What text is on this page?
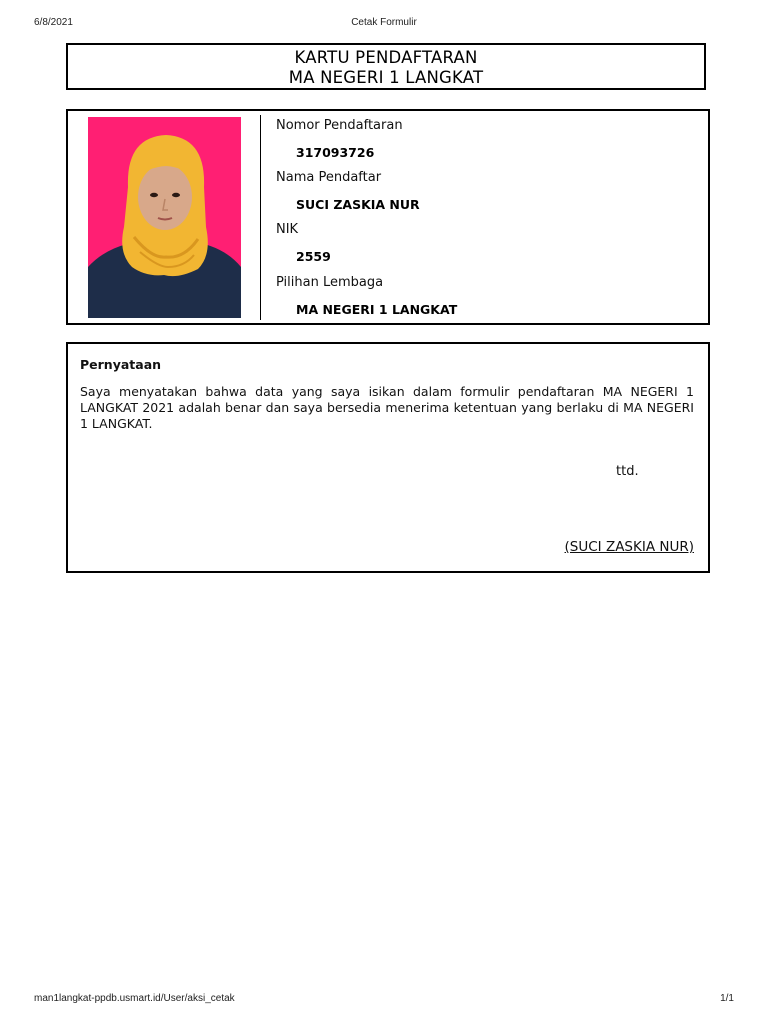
6/8/2021	Cetak Formulir
KARTU PENDAFTARAN
MA NEGERI 1 LANGKAT
Nomor Pendaftaran
317093726
Nama Pendaftar
SUCI ZASKIA NUR
NIK
2559
Pilihan Lembaga
MA NEGERI 1 LANGKAT
Pernyataan
Saya menyatakan bahwa data yang saya isikan dalam formulir pendaftaran MA NEGERI 1 LANGKAT 2021 adalah benar dan saya bersedia menerima ketentuan yang berlaku di MA NEGERI 1 LANGKAT.
ttd.
(SUCI ZASKIA NUR)
man1langkat-ppdb.usmart.id/User/aksi_cetak	1/1
